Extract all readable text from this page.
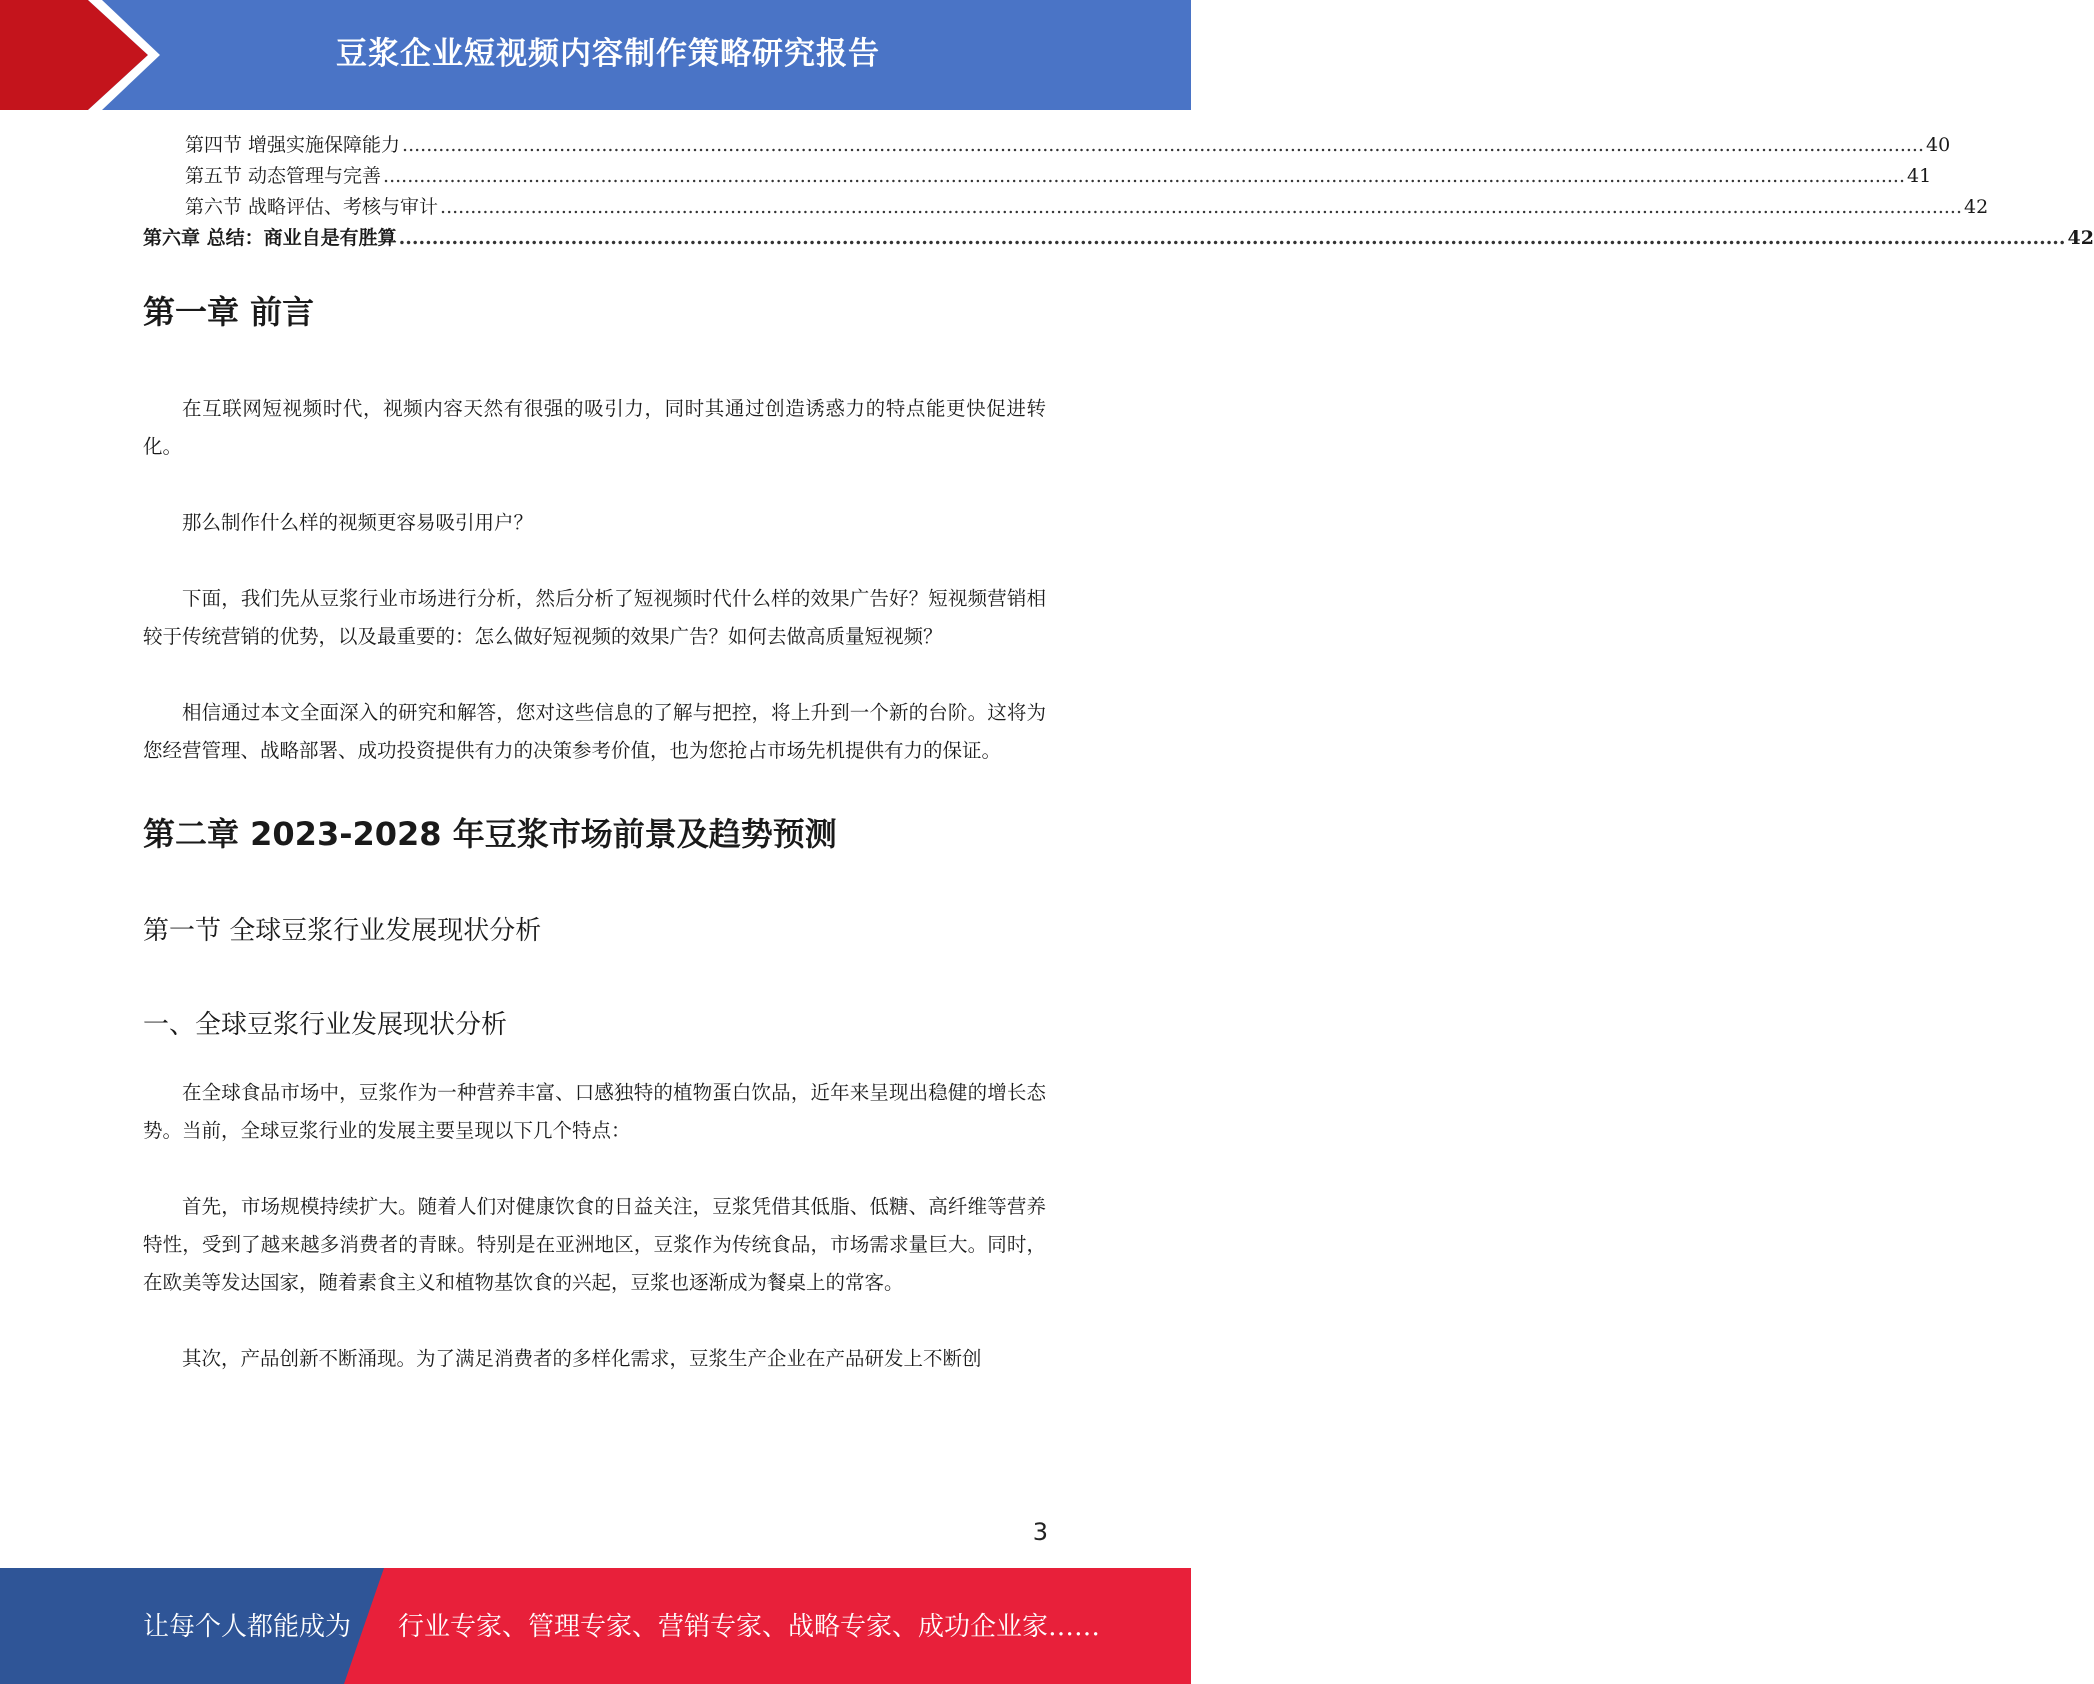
豆浆企业短视频内容制作策略研究报告
第四节 增强实施保障能力 ............................................................................................................................................................................................................................................................ 40
第五节 动态管理与完善 ............................................................................................................................................................................................................................................................ 41
第六节 战略评估、考核与审计 ............................................................................................................................................................................................................................................................ 42
第六章 总结：商业自是有胜算 ............................................................................................................................................................................................................................................................ 42
第一章 前言

在互联网短视频时代，视频内容天然有很强的吸引力，同时其通过创造诱惑力的特点能更快促进转化。

那么制作什么样的视频更容易吸引用户？

下面，我们先从豆浆行业市场进行分析，然后分析了短视频时代什么样的效果广告好？短视频营销相较于传统营销的优势，以及最重要的：怎么做好短视频的效果广告？如何去做高质量短视频？

相信通过本文全面深入的研究和解答，您对这些信息的了解与把控，将上升到一个新的台阶。这将为您经营管理、战略部署、成功投资提供有力的决策参考价值，也为您抢占市场先机提供有力的保证。

第二章 2023-2028 年豆浆市场前景及趋势预测
第一节 全球豆浆行业发展现状分析
一、全球豆浆行业发展现状分析

在全球食品市场中，豆浆作为一种营养丰富、口感独特的植物蛋白饮品，近年来呈现出稳健的增长态势。当前，全球豆浆行业的发展主要呈现以下几个特点：

首先，市场规模持续扩大。随着人们对健康饮食的日益关注，豆浆凭借其低脂、低糖、高纤维等营养特性，受到了越来越多消费者的青睐。特别是在亚洲地区，豆浆作为传统食品，市场需求量巨大。同时，在欧美等发达国家，随着素食主义和植物基饮食的兴起，豆浆也逐渐成为餐桌上的常客。

其次，产品创新不断涌现。为了满足消费者的多样化需求，豆浆生产企业在产品研发上不断创

3
让每个人都能成为 行业专家、管理专家、营销专家、战略专家、成功企业家……
